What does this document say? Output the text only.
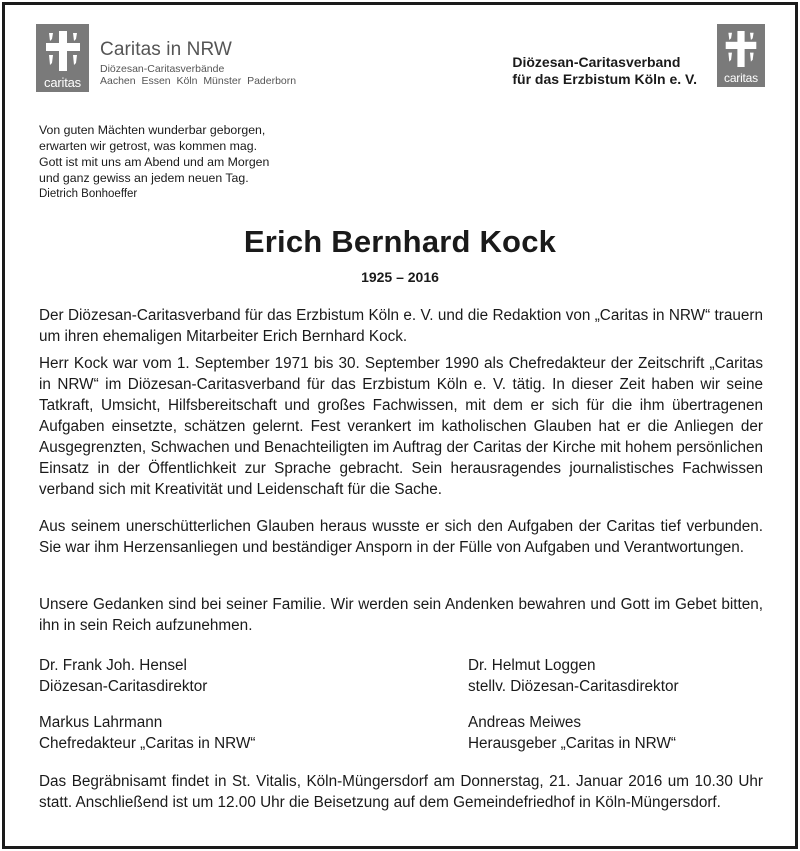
caritas
Caritas in NRW
Diözesan-Caritasverbände
Aachen  Essen  Köln  Münster  Paderborn
Diözesan-Caritasverband
für das Erzbistum Köln e. V.	caritas
Von guten Mächten wunderbar geborgen,
erwarten wir getrost, was kommen mag.
Gott ist mit uns am Abend und am Morgen
und ganz gewiss an jedem neuen Tag.
Dietrich Bonhoeffer
Erich Bernhard Kock
1925 – 2016

Der Diözesan-Caritasverband für das Erzbistum Köln e. V. und die Redaktion von „Caritas in NRW“ trauern um ihren ehemaligen Mitarbeiter Erich Bernhard Kock.

Herr Kock war vom 1. September 1971 bis 30. September 1990 als Chefredakteur der Zeitschrift „Caritas in NRW“ im Diözesan-Caritasverband für das Erzbistum Köln e. V. tätig. In dieser Zeit haben wir seine Tatkraft, Umsicht, Hilfsbereitschaft und großes Fachwissen, mit dem er sich für die ihm übertragenen Aufgaben einsetzte, schätzen gelernt. Fest verankert im katholischen Glauben hat er die Anliegen der Ausgegrenzten, Schwachen und Benachteiligten im Auftrag der Caritas der Kirche mit hohem persönlichen Einsatz in der Öffentlichkeit zur Sprache gebracht. Sein herausragendes journalistisches Fachwissen verband sich mit Kreativität und Leidenschaft für die Sache.

Aus seinem unerschütterlichen Glauben heraus wusste er sich den Aufgaben der Caritas tief verbunden. Sie war ihm Herzensanliegen und beständiger Ansporn in der Fülle von Aufgaben und Verantwortungen.

Unsere Gedanken sind bei seiner Familie. Wir werden sein Andenken bewahren und Gott im Gebet bitten, ihn in sein Reich aufzunehmen.

Dr. Frank Joh. Hensel
Diözesan-Caritasdirektor
Dr. Helmut Loggen
stellv. Diözesan-Caritasdirektor
Markus Lahrmann
Chefredakteur „Caritas in NRW“
Andreas Meiwes
Herausgeber „Caritas in NRW“

Das Begräbnisamt findet in St. Vitalis, Köln-Müngersdorf am Donnerstag, 21. Januar 2016 um 10.30 Uhr statt. Anschließend ist um 12.00 Uhr die Beisetzung auf dem Gemeindefriedhof in Köln-Müngersdorf.
